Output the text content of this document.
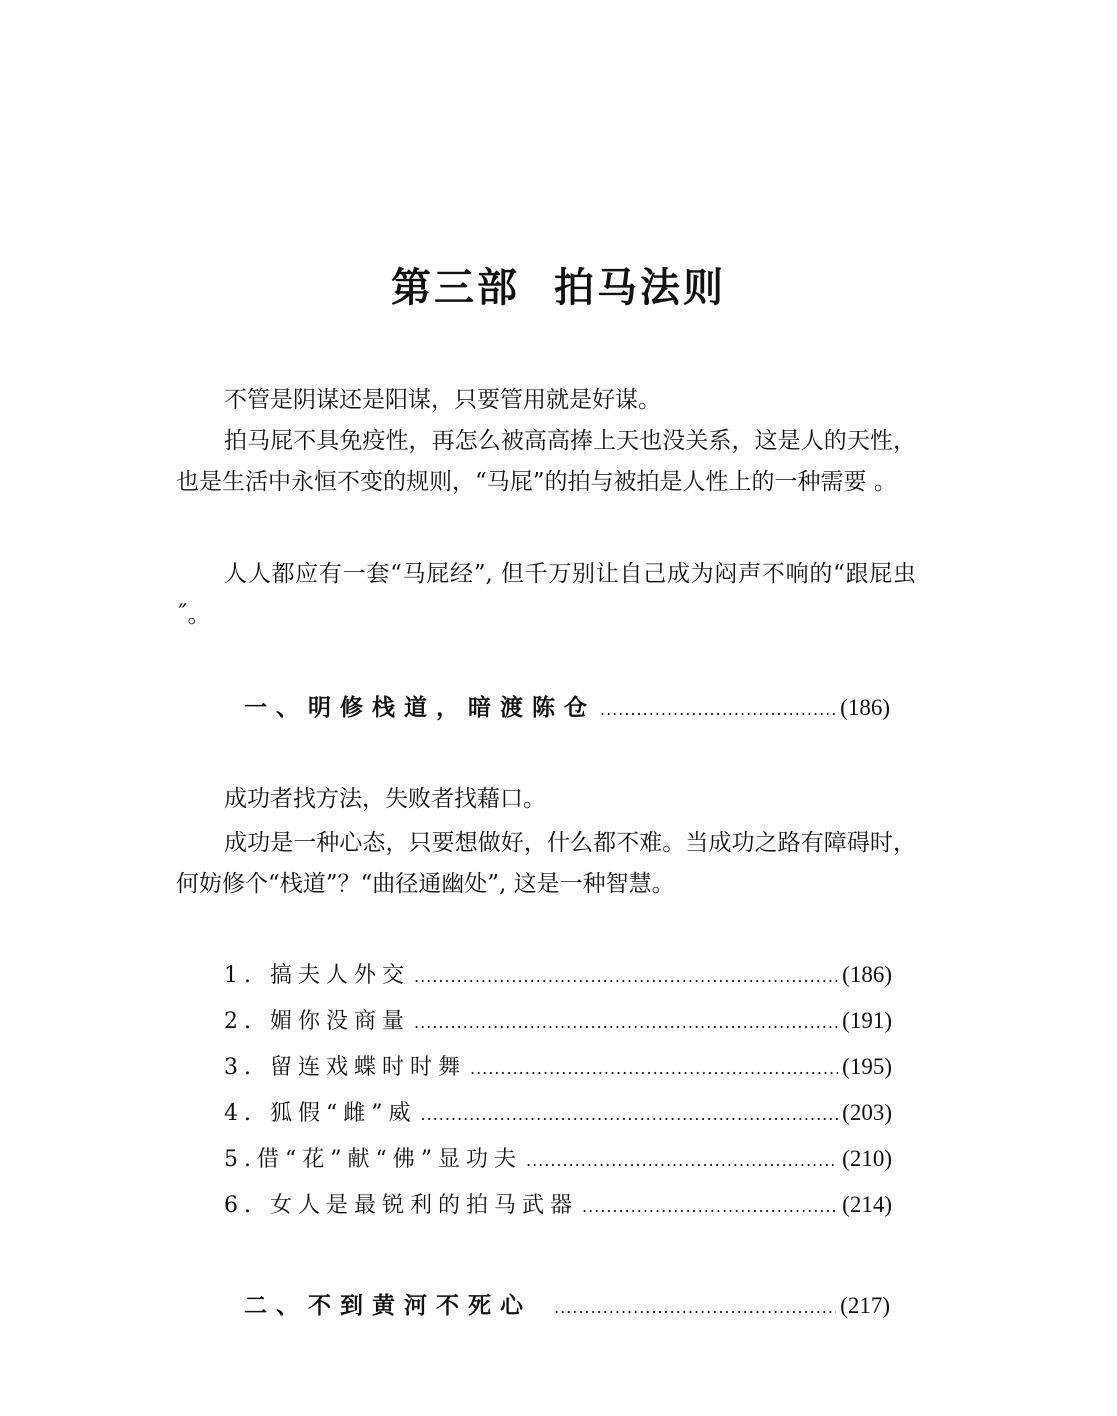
第三部 拍马法则

不管是阴谋还是阳谋，只要管用就是好谋。

拍马屁不具免疫性，再怎么被高高捧上天也没关系，这是人的天性，也是生活中永恒不变的规则，“马屁”的拍与被拍是人性上的一种需要 。

人人都应有一套“马屁经”, 但千万别让自己成为闷声不响的“跟屁虫˝。

一、明修栈道，暗渡陈仓 .....	(186)

成功者找方法，失败者找藉口。

成功是一种心态，只要想做好，什么都不难。当成功之路有障碍时，何妨修个“栈道”？“曲径通幽处”, 这是一种智慧。

1. 搞夫人外交 .....	(186)
2. 媚你没商量 .....	(191)
3. 留连戏蝶时时舞 .....	(195)
4. 狐假“雌”威 .....	(203)
5.借“花”献“佛”显功夫 .....	(210)
6. 女人是最锐利的拍马武器 .....	(214)
二、不到黄河不死心 .....	(217)
